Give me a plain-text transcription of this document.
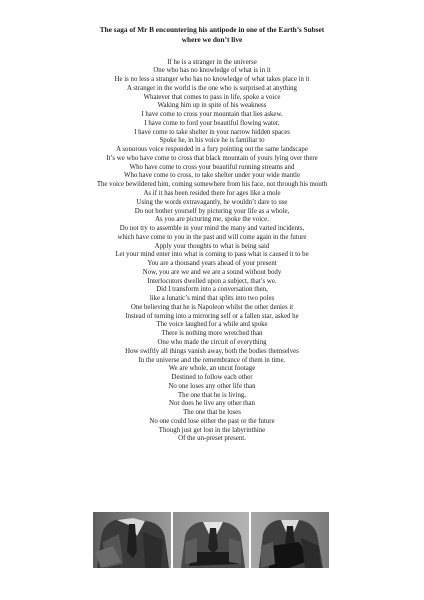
The saga of Mr B encountering his antipode in one of the Earth’s Subset
where we don’t live
If he is a stranger in the universe
One who has no knowledge of what is in it
He is no less a stranger who has no knowledge of what takes place in it
A stranger in the world is the one who is surprised at anything
Whatever that comes to pass in life, spoke a voice
Waking him up in spite of his weakness
I have come to cross your mountain that lies askew.
I have come to ford your beautiful flowing water,
I have come to take shelter in your narrow hidden spaces
Spoke he, in his voice he is familiar to
A sonorous voice responded in a fury pointing out the same landscape
It’s we who have come to cross that black mountain of yours lying over there
Who have come to cross your beautiful running streams and
Who have come to cross, to take shelter under your wide mantle
The voice bewildered him, coming somewhere from his face, not through his mouth
As if it has been resided there for ages like a mole
Using the words extravagantly, he wouldn’t dare to use
Do not bother yourself by picturing your life as a whole,
As you are picturing me, spoke the voice.
Do not try to assemble in your mind the many and varied incidents,
which have come to you in the past and will come again in the future
Apply your thoughts to what is being said
Let your mind enter into what is coming to pass what is caused it to be
You are a thousand years ahead of your present
Now, you are we and we are a sound without body
Interlocutors dwelled upon a subject, that’s we.
Did I transform into a conversation then,
like a lunatic’s mind that splits into two poles
One believing that he is Napoleon whilst the other denies it
Instead of turning into a mirroring self or a fallen star, asked he
The voice laughed for a while and spoke
There is nothing more wretched than
One who made the circuit of everything
How swiftly all things vanish away, both the bodies themselves
In the universe and the remembrance of them in time.
We are whole, an uncut footage
Destined to follow each other
No one loses any other life than
The one that he is living,
Nor does he live any other than
The one that he loses
No one could lose either the past or the future
Though just get lost in the labyrinthine
Of the un-preset present.
